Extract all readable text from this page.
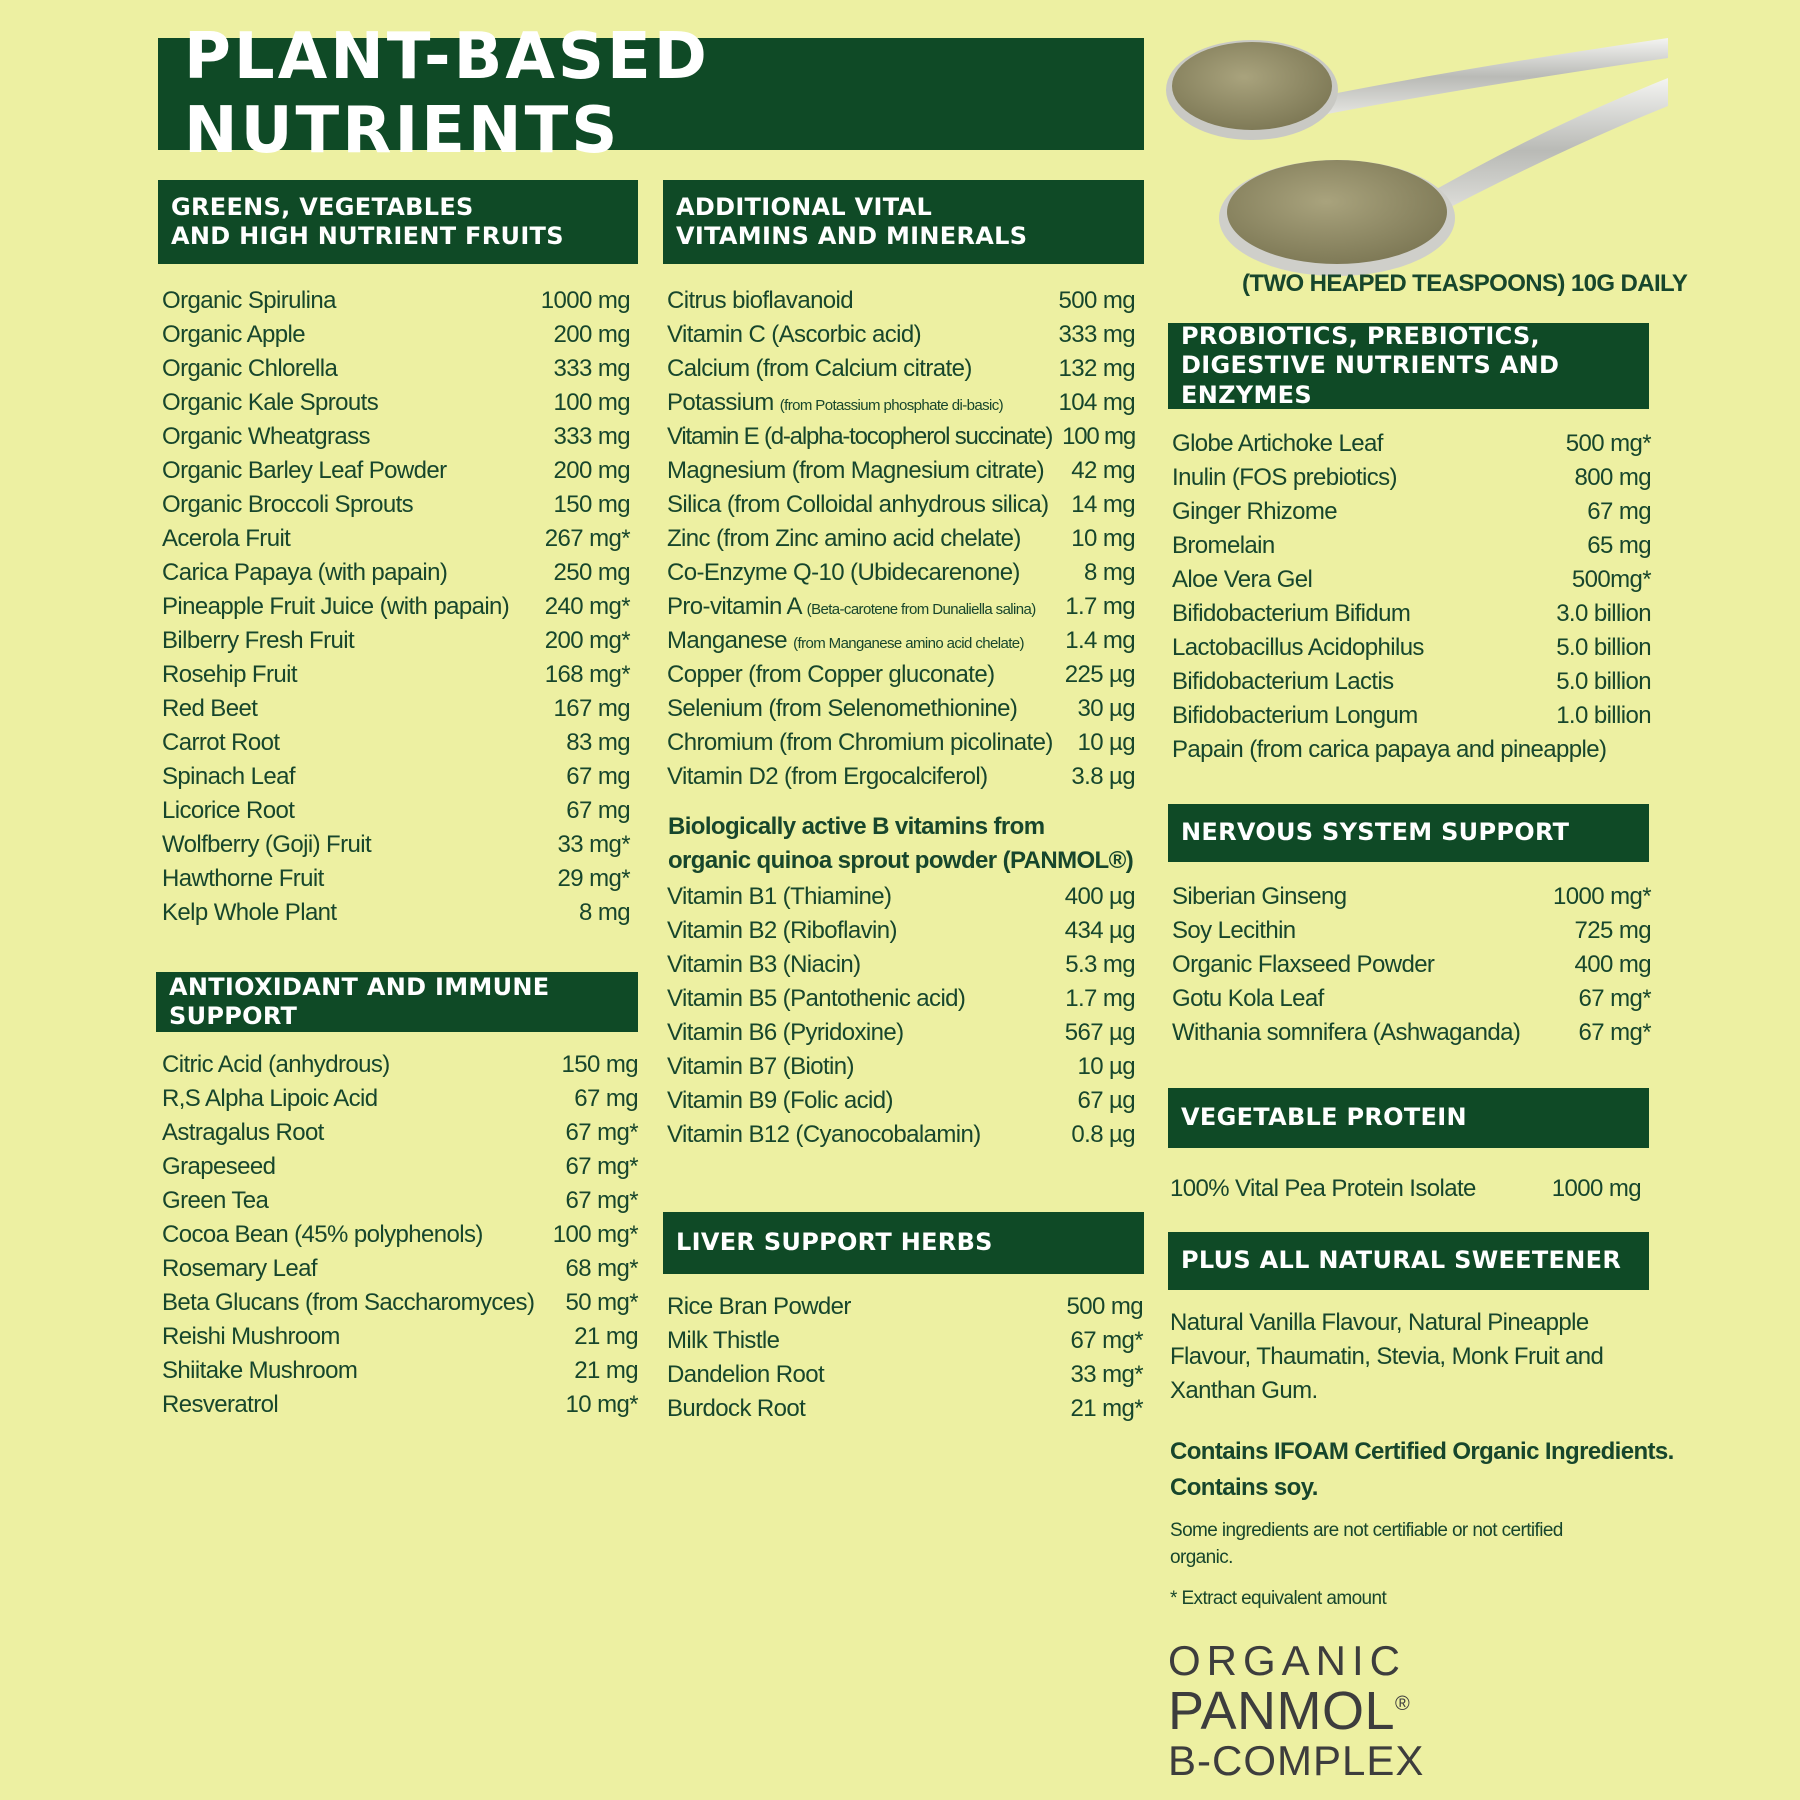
PLANT-BASED NUTRIENTS
(TWO HEAPED TEASPOONS) 10G DAILY
GREENS, VEGETABLES
AND HIGH NUTRIENT FRUITS
Organic Spirulina	1000 mg
Organic Apple	200 mg
Organic Chlorella	333 mg
Organic Kale Sprouts	100 mg
Organic Wheatgrass	333 mg
Organic Barley Leaf Powder	200 mg
Organic Broccoli Sprouts	150 mg
Acerola Fruit	267 mg*
Carica Papaya (with papain)	250 mg
Pineapple Fruit Juice (with papain) 240 mg*
Bilberry Fresh Fruit	200 mg*
Rosehip Fruit	168 mg*
Red Beet	167 mg
Carrot Root	83 mg
Spinach Leaf	67 mg
Licorice Root	67 mg
Wolfberry (Goji) Fruit	33 mg*
Hawthorne Fruit	29 mg*
Kelp Whole Plant	8 mg
ANTIOXIDANT AND IMMUNE SUPPORT
Citric Acid (anhydrous)	150 mg
R,S Alpha Lipoic Acid	67 mg
Astragalus Root	67 mg*
Grapeseed	67 mg*
Green Tea	67 mg*
Cocoa Bean (45% polyphenols)	100 mg*
Rosemary Leaf	68 mg*
Beta Glucans (from Saccharomyces) 50 mg*
Reishi Mushroom	21 mg
Shiitake Mushroom	21 mg
Resveratrol	10 mg*
ADDITIONAL VITAL
VITAMINS AND MINERALS
Citrus bioflavanoid	500 mg
Vitamin C (Ascorbic acid)	333 mg
Calcium (from Calcium citrate)	132 mg
Potassium (from Potassium phosphate di-basic) 104 mg
Vitamin E (d-alpha-tocopherol succinate) 100 mg
Magnesium (from Magnesium citrate)	42 mg
Silica (from Colloidal anhydrous silica) 14 mg
Zinc (from Zinc amino acid chelate)	10 mg
Co-Enzyme Q-10 (Ubidecarenone)	8 mg
Pro-vitamin A (Beta-carotene from Dunaliella salina) 1.7 mg
Manganese (from Manganese amino acid chelate) 1.4 mg
Copper (from Copper gluconate)	225 µg
Selenium (from Selenomethionine)	30 µg
Chromium (from Chromium picolinate)	10 µg
Vitamin D2 (from Ergocalciferol)	3.8 µg
Biologically active B vitamins from
organic quinoa sprout powder (PANMOL®)
Vitamin B1 (Thiamine)	400 µg
Vitamin B2 (Riboflavin)	434 µg
Vitamin B3 (Niacin)	5.3 mg
Vitamin B5 (Pantothenic acid)	1.7 mg
Vitamin B6 (Pyridoxine)	567 µg
Vitamin B7 (Biotin)	10 µg
Vitamin B9 (Folic acid)	67 µg
Vitamin B12 (Cyanocobalamin)	0.8 µg
LIVER SUPPORT HERBS
Rice Bran Powder	500 mg
Milk Thistle	67 mg*
Dandelion Root	33 mg*
Burdock Root	21 mg*
PROBIOTICS, PREBIOTICS,
DIGESTIVE NUTRIENTS AND ENZYMES
Globe Artichoke Leaf	500 mg*
Inulin (FOS prebiotics)	800 mg
Ginger Rhizome	67 mg
Bromelain	65 mg
Aloe Vera Gel	500mg*
Bifidobacterium Bifidum	3.0 billion
Lactobacillus Acidophilus	5.0 billion
Bifidobacterium Lactis	5.0 billion
Bifidobacterium Longum	1.0 billion
Papain (from carica papaya and pineapple)
NERVOUS SYSTEM SUPPORT
Siberian Ginseng	1000 mg*
Soy Lecithin	725 mg
Organic Flaxseed Powder	400 mg
Gotu Kola Leaf	67 mg*
Withania somnifera (Ashwaganda) 67 mg*
VEGETABLE PROTEIN
100% Vital Pea Protein Isolate	1000 mg
PLUS ALL NATURAL SWEETENER
Natural Vanilla Flavour, Natural Pineapple Flavour, Thaumatin, Stevia, Monk Fruit and Xanthan Gum.
Contains IFOAM Certified Organic Ingredients.
Contains soy.
Some ingredients are not certifiable or not certified organic.
* Extract equivalent amount
ORGANIC
PANMOL®
B-COMPLEX
